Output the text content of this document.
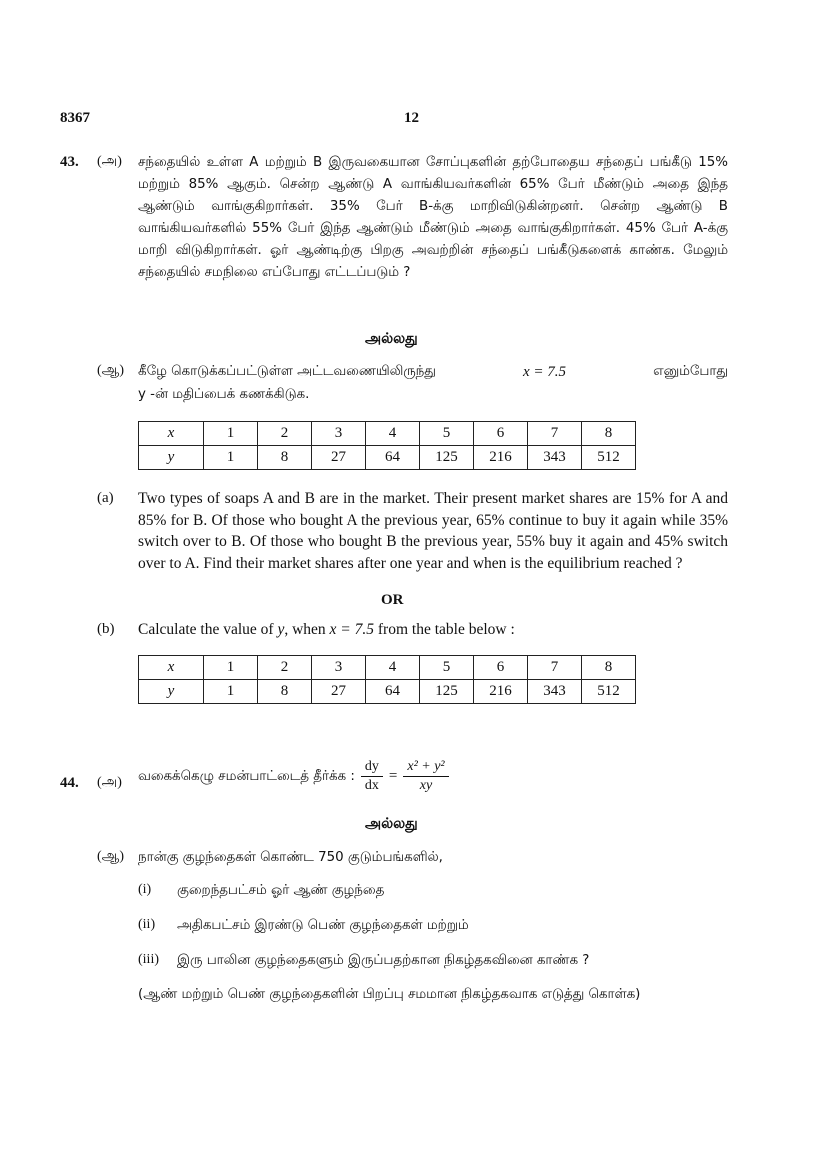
8367	12
43. (அ) சந்தையில் உள்ள A மற்றும் B இருவகையான சோப்புகளின் தற்போதைய சந்தைப் பங்கீடு 15% மற்றும் 85% ஆகும். சென்ற ஆண்டு A வாங்கியவர்களின் 65% பேர் மீண்டும் அதை இந்த ஆண்டும் வாங்குகிறார்கள். 35% பேர் B-க்கு மாறிவிடுகின்றனர். சென்ற ஆண்டு B வாங்கியவர்களில் 55% பேர் இந்த ஆண்டும் மீண்டும் அதை வாங்குகிறார்கள். 45% பேர் A-க்கு மாறி விடுகிறார்கள். ஓர் ஆண்டிற்கு பிறகு அவற்றின் சந்தைப் பங்கீடுகளைக் காண்க. மேலும் சந்தையில் சமநிலை எப்போது எட்டப்படும் ?
அல்லது
(ஆ) கீழே கொடுக்கப்பட்டுள்ள அட்டவணையிலிருந்து	x = 7.5	எனும்போது
y -ன் மதிப்பைக் கணக்கிடுக.
x	1	2	3	4	5	6	7	8
y	1	8	27	64	125	216	343	512
(a) Two types of soaps A and B are in the market. Their present market shares are 15% for A and 85% for B. Of those who bought A the previous year, 65% continue to buy it again while 35% switch over to B. Of those who bought B the previous year, 55% buy it again and 45% switch over to A. Find their market shares after one year and when is the equilibrium reached ?
OR
(b) Calculate the value of y, when x = 7.5 from the table below :
x	1	2	3	4	5	6	7	8
y	1	8	27	64	125	216	343	512
44. (அ) வகைக்கெழு சமன்பாட்டைத் தீர்க்க : $\frac{dy}{dx} = \frac{\text{x² + y²}}{xy}$
அல்லது
(ஆ) நான்கு குழந்தைகள் கொண்ட 750 குடும்பங்களில்,
(i) குறைந்தபட்சம் ஓர் ஆண் குழந்தை
(ii) அதிகபட்சம் இரண்டு பெண் குழந்தைகள் மற்றும்
(iii) இரு பாலின குழந்தைகளும் இருப்பதற்கான நிகழ்தகவினை காண்க ?
(ஆண் மற்றும் பெண் குழந்தைகளின் பிறப்பு சமமான நிகழ்தகவாக எடுத்து கொள்க)
